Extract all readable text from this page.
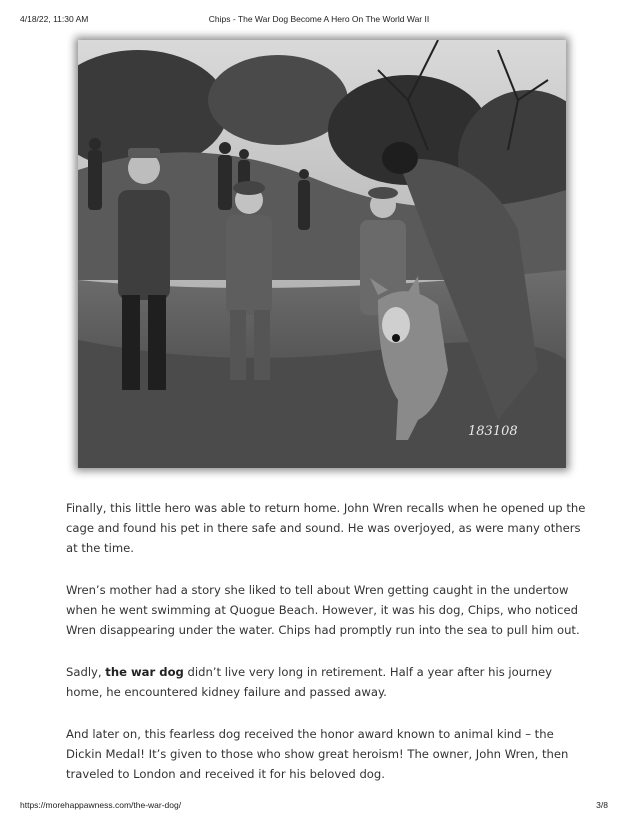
4/18/22, 11:30 AM	Chips - The War Dog Become A Hero On The World War II
183108

Finally, this little hero was able to return home. John Wren recalls when he opened up the cage and found his pet in there safe and sound. He was overjoyed, as were many others at the time.

Wren’s mother had a story she liked to tell about Wren getting caught in the undertow when he went swimming at Quogue Beach. However, it was his dog, Chips, who noticed Wren disappearing under the water. Chips had promptly run into the sea to pull him out.

Sadly, the war dog didn’t live very long in retirement. Half a year after his journey home, he encountered kidney failure and passed away.

And later on, this fearless dog received the honor award known to animal kind – the Dickin Medal! It’s given to those who show great heroism! The owner, John Wren, then traveled to London and received it for his beloved dog.

https://morehappawness.com/the-war-dog/	3/8
